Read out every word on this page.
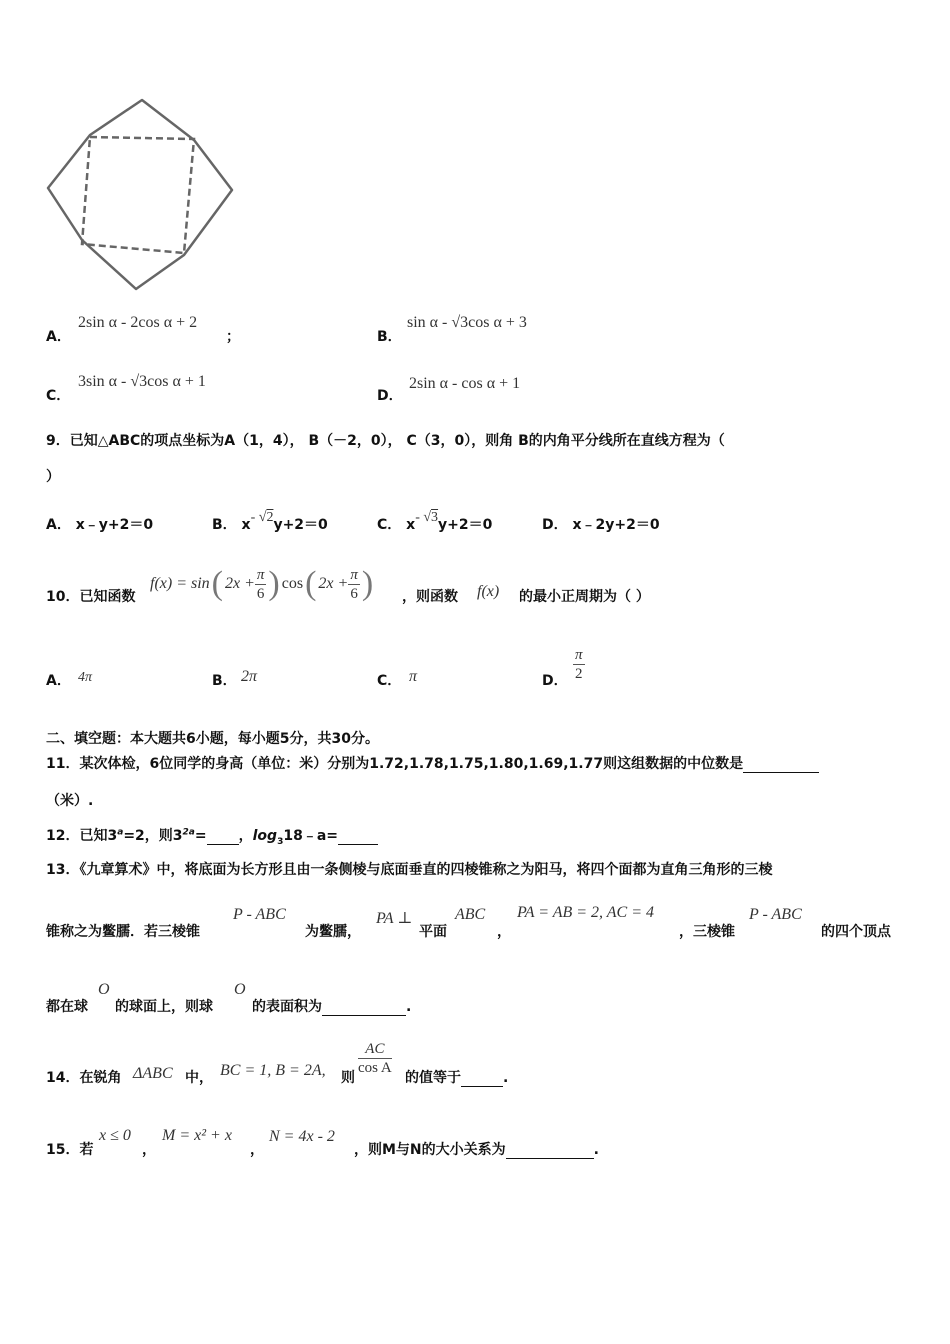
A．
2sin α - 2cos α + 2
；	B．
sin α - √3cos α + 3
C．
3sin α - √3cos α + 1
D．
2sin α - cos α + 1
9．已知△ABC的项点坐标为A（1，4）， B（－2，0）， C（3，0），则角 B的内角平分线所在直线方程为（
）
A． x﹣y+2＝0	B． x- √2y+2＝0	C． x- √3y+2＝0	D． x﹣2y+2＝0
10．已知函数
f(x) = sin ( $2x + \frac{\pi}{6}$ ) cos ( $2x + \frac{\pi}{6}$ ) ，则函数 f(x) 的最小正周期为（ ）
A． 4π	B． 2π	C． π	D． $\frac{\pi}{2}$
二、填空题：本大题共6小题，每小题5分，共30分。
11．某次体检，6位同学的身高（单位：米）分别为1.72,1.78,1.75,1.80,1.69,1.77则这组数据的中位数是
（米）.
12．已知$3^a=2$，则$3^{2a}=$ ，$\log_318﹣a=$
13．《九章算术》中，将底面为长方形且由一条侧棱与底面垂直的四棱锥称之为阳马，将四个面都为直角三角形的三棱
锥称之为鳖臑．若三棱锥
P - ABC
为鳖臑，
PA ⊥
平面
ABC
，
PA = AB = 2, AC = 4
，三棱锥
P - ABC
的四个顶点
都在球
O
的球面上，则球
O
的表面积为	.
14．在锐角 ΔABC 中， BC = 1, B = 2A, 则
$\frac{AC}{\text{cos A}}$
的值等于	.
15．若
x ≤ 0
，
M = x² + x
，
N = 4x - 2
，则M与N的大小关系为	.
